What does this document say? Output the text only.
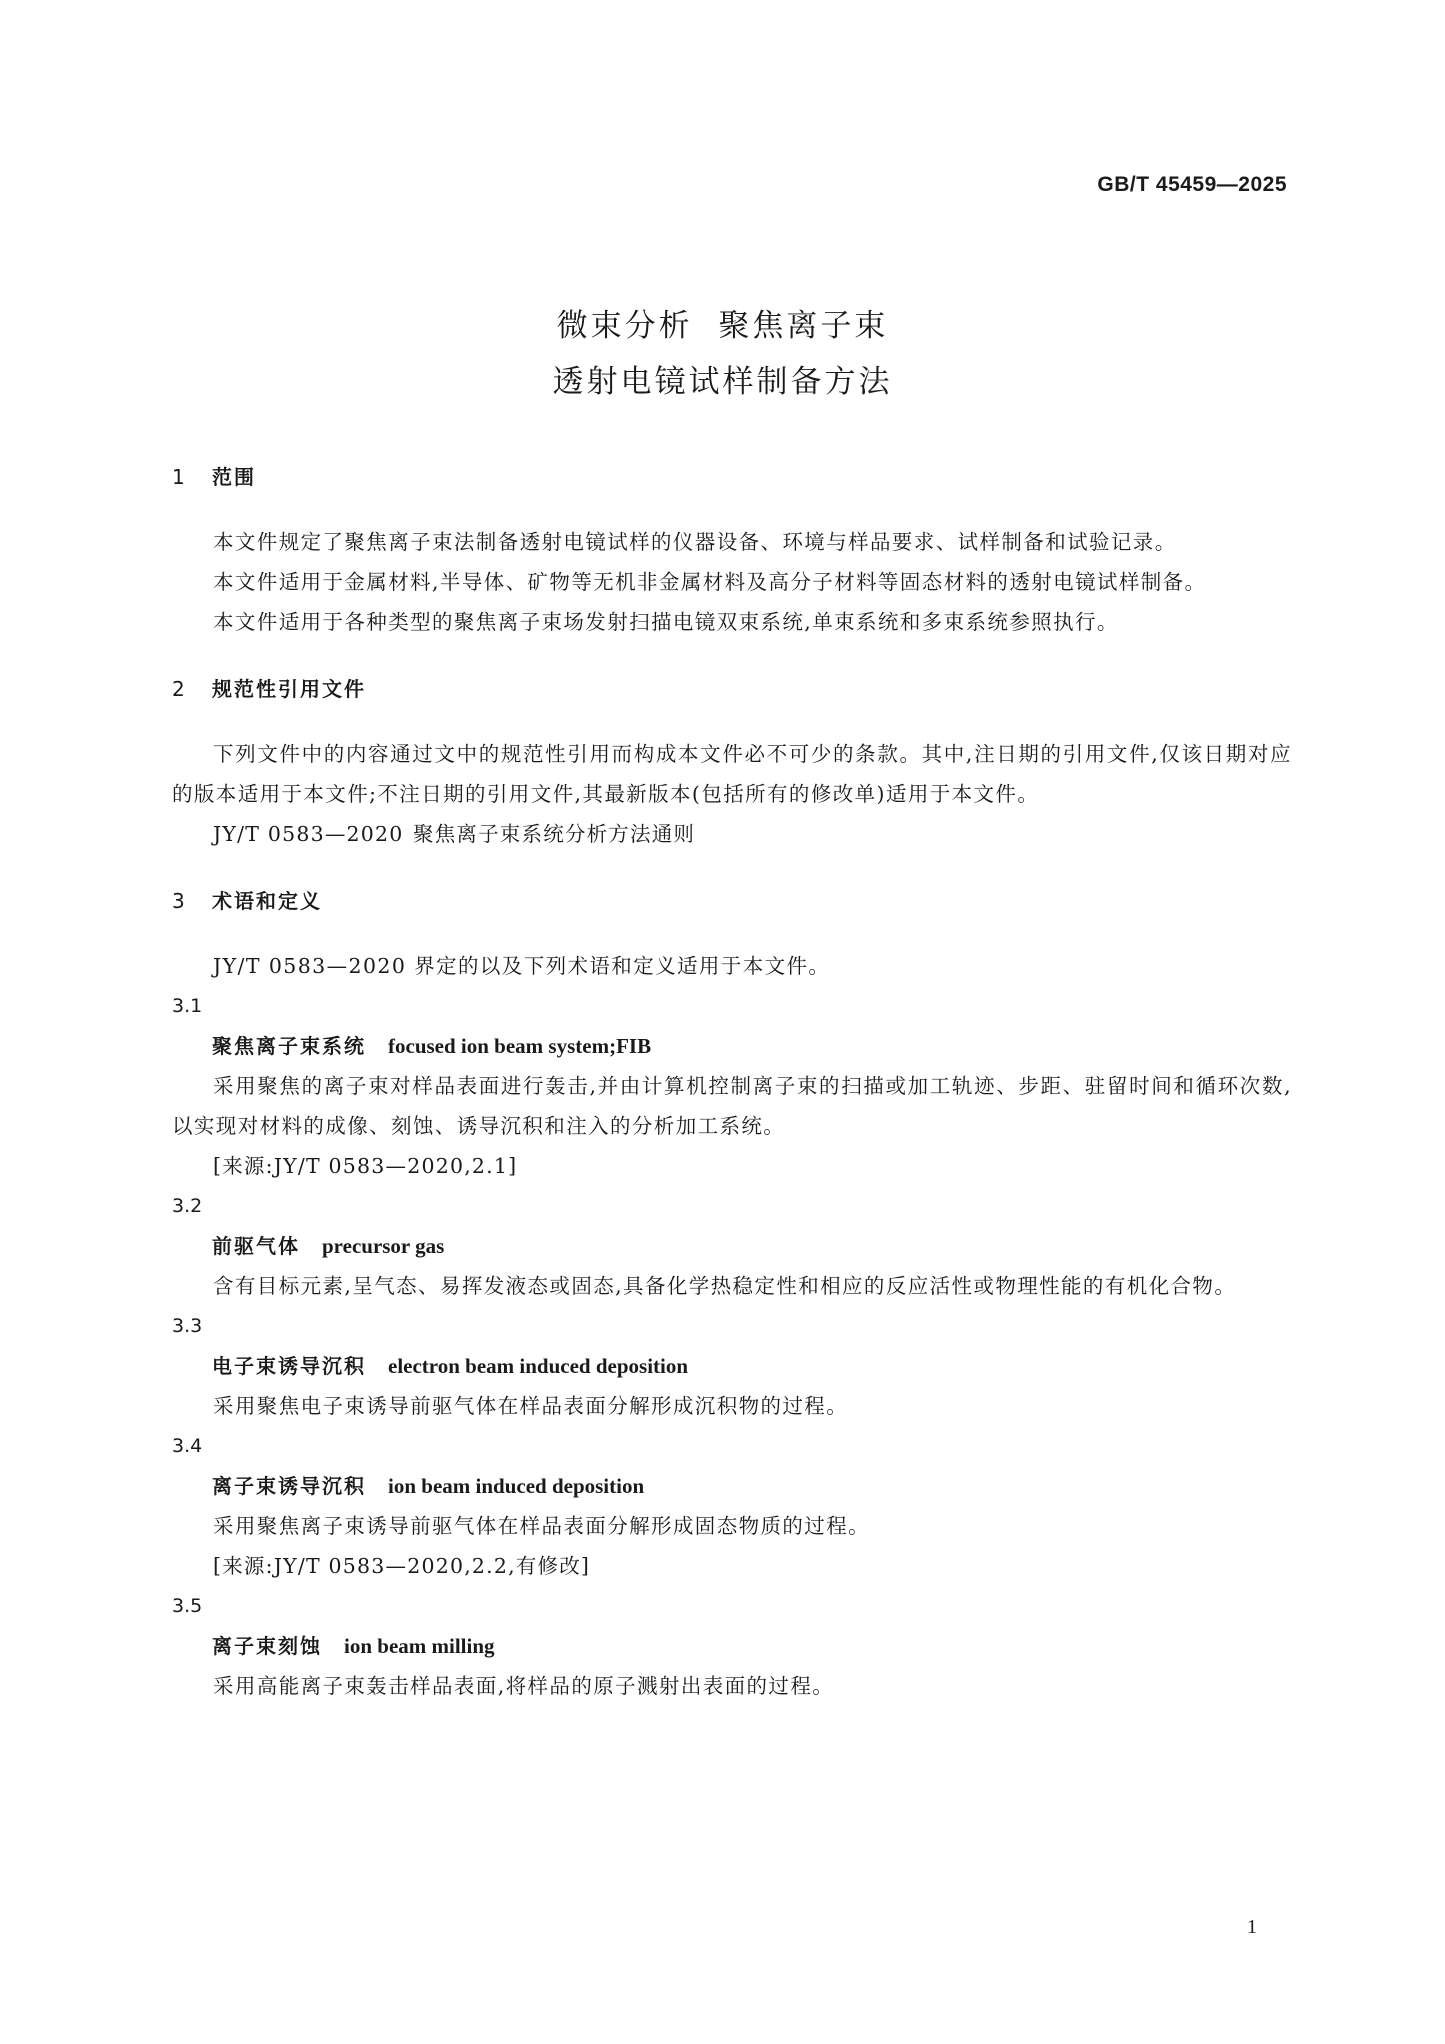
GB/T 45459—2025
微束分析  聚焦离子束
透射电镜试样制备方法
1 范围
本文件规定了聚焦离子束法制备透射电镜试样的仪器设备、环境与样品要求、试样制备和试验记录。
本文件适用于金属材料,半导体、矿物等无机非金属材料及高分子材料等固态材料的透射电镜试样制备。
本文件适用于各种类型的聚焦离子束场发射扫描电镜双束系统,单束系统和多束系统参照执行。
2 规范性引用文件
下列文件中的内容通过文中的规范性引用而构成本文件必不可少的条款。其中,注日期的引用文件,仅该日期对应的版本适用于本文件;不注日期的引用文件,其最新版本(包括所有的修改单)适用于本文件。
JY/T 0583—2020 聚焦离子束系统分析方法通则
3 术语和定义
JY/T 0583—2020 界定的以及下列术语和定义适用于本文件。
3.1
聚焦离子束系统 focused ion beam system;FIB
采用聚焦的离子束对样品表面进行轰击,并由计算机控制离子束的扫描或加工轨迹、步距、驻留时间和循环次数,以实现对材料的成像、刻蚀、诱导沉积和注入的分析加工系统。
[来源:JY/T 0583—2020,2.1]
3.2
前驱气体 precursor gas
含有目标元素,呈气态、易挥发液态或固态,具备化学热稳定性和相应的反应活性或物理性能的有机化合物。
3.3
电子束诱导沉积 electron beam induced deposition
采用聚焦电子束诱导前驱气体在样品表面分解形成沉积物的过程。
3.4
离子束诱导沉积 ion beam induced deposition
采用聚焦离子束诱导前驱气体在样品表面分解形成固态物质的过程。
[来源:JY/T 0583—2020,2.2,有修改]
3.5
离子束刻蚀 ion beam milling
采用高能离子束轰击样品表面,将样品的原子溅射出表面的过程。
1
